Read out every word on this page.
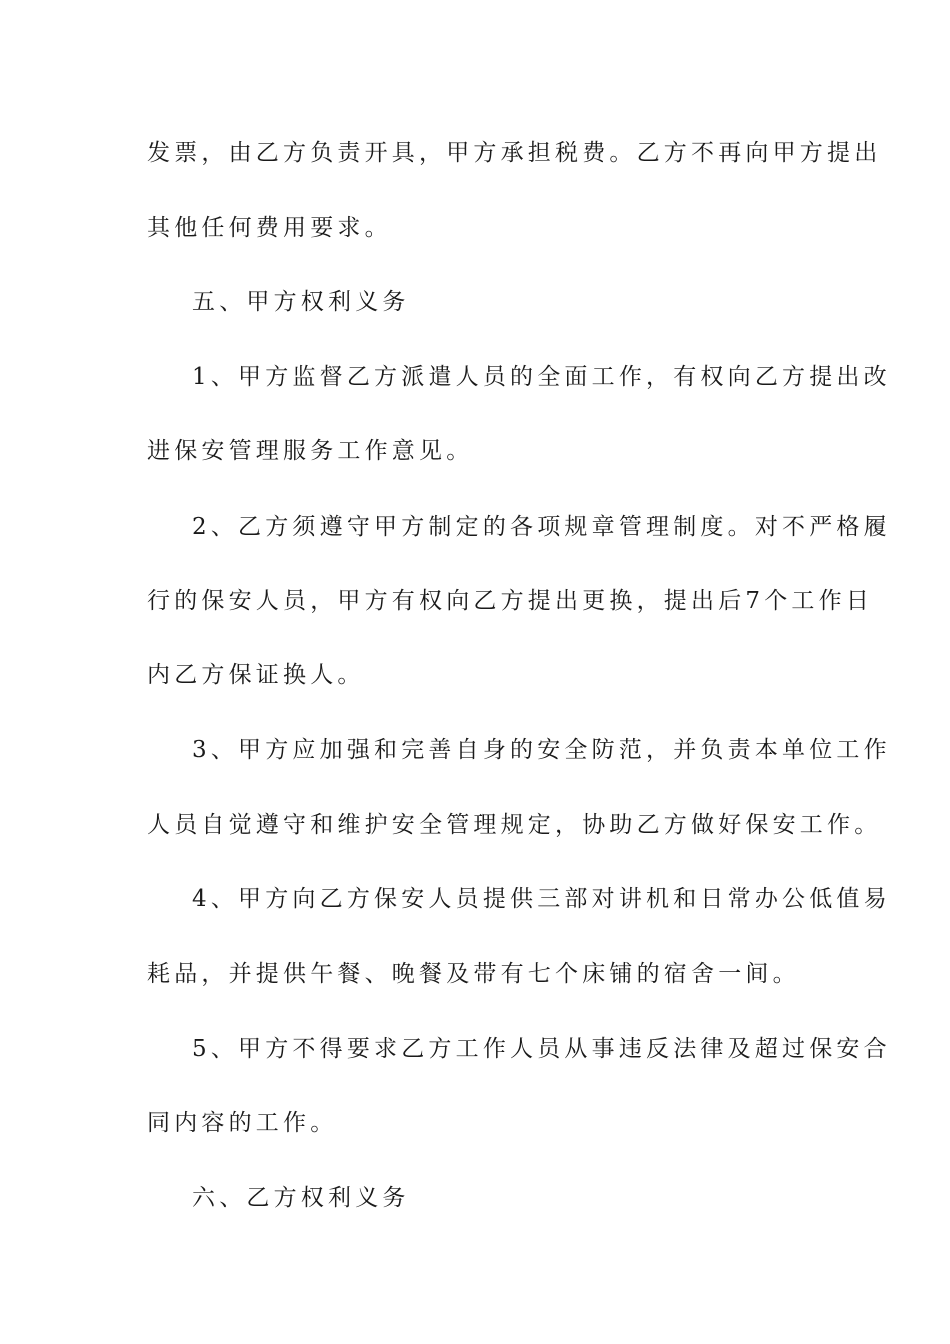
发票，由乙方负责开具，甲方承担税费。乙方不再向甲方提出
其他任何费用要求。
五、甲方权利义务
1、甲方监督乙方派遣人员的全面工作，有权向乙方提出改
进保安管理服务工作意见。
2、乙方须遵守甲方制定的各项规章管理制度。对不严格履
行的保安人员，甲方有权向乙方提出更换，提出后7个工作日
内乙方保证换人。
3、甲方应加强和完善自身的安全防范，并负责本单位工作
人员自觉遵守和维护安全管理规定，协助乙方做好保安工作。
4、甲方向乙方保安人员提供三部对讲机和日常办公低值易
耗品，并提供午餐、晚餐及带有七个床铺的宿舍一间。
5、甲方不得要求乙方工作人员从事违反法律及超过保安合
同内容的工作。
六、乙方权利义务
